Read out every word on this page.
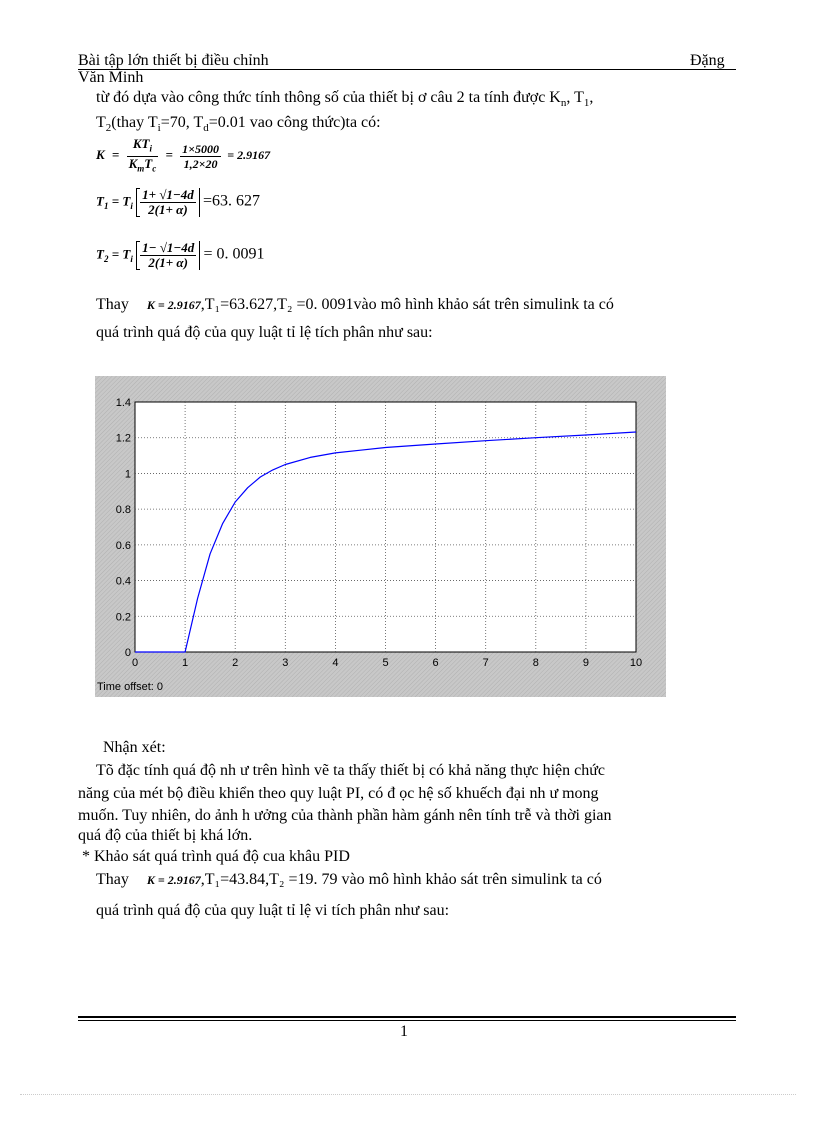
Bài tập lớn thiết bị điều chỉnh	Đặng
Văn Minh
từ đó dựa vào công thức tính thông số của thiết bị ơ câu 2 ta tính được $K_n$, $T_1$,
$T_2(thay$ $T_i=70$, $T_d=0.01$ vao công thức)ta có:
$K = \frac{KT_i}{K_mT_c} = \frac{1\times 5000}{1,2\times 20} = 2.9167$
$T_1 = T_i \frac{1+ √1-4d}{2(1+ \alpha)} =63$. 627
$T_2 = T_i \frac{1- √1-4d}{2(1+ \alpha)} = 0$. 0091
Thay K = 2.9167,T₁=63.627,T₂ =0. 0091vào mô hình khảo sát trên simulink ta có
quá trình quá độ của quy luật tỉ lệ tích phân như sau:
0	1	2	3	4	5	6	7	8	9	10
0
0.2
0.4
0.6
0.8
1
1.2
1.4
Time offset: 0
Nhận xét:
Tõ đặc tính quá độ nh ư trên hình vẽ ta thấy thiết bị có khả năng thực hiện chức
năng của mét bộ điều khiển theo quy luật PI, có đ ọc hệ số khuếch đại nh ư mong
muốn. Tuy nhiên, do ảnh h ưởng của thành phần hàm gánh nên tính trễ và thời gian
quá độ của thiết bị khá lớn.
* Khảo sát quá trình quá độ cua khâu PID
Thay K = 2.9167,T₁=43.84,T₂ =19. 79 vào mô hình khảo sát trên simulink ta có
quá trình quá độ của quy luật tỉ lệ vi tích phân như sau:
1
